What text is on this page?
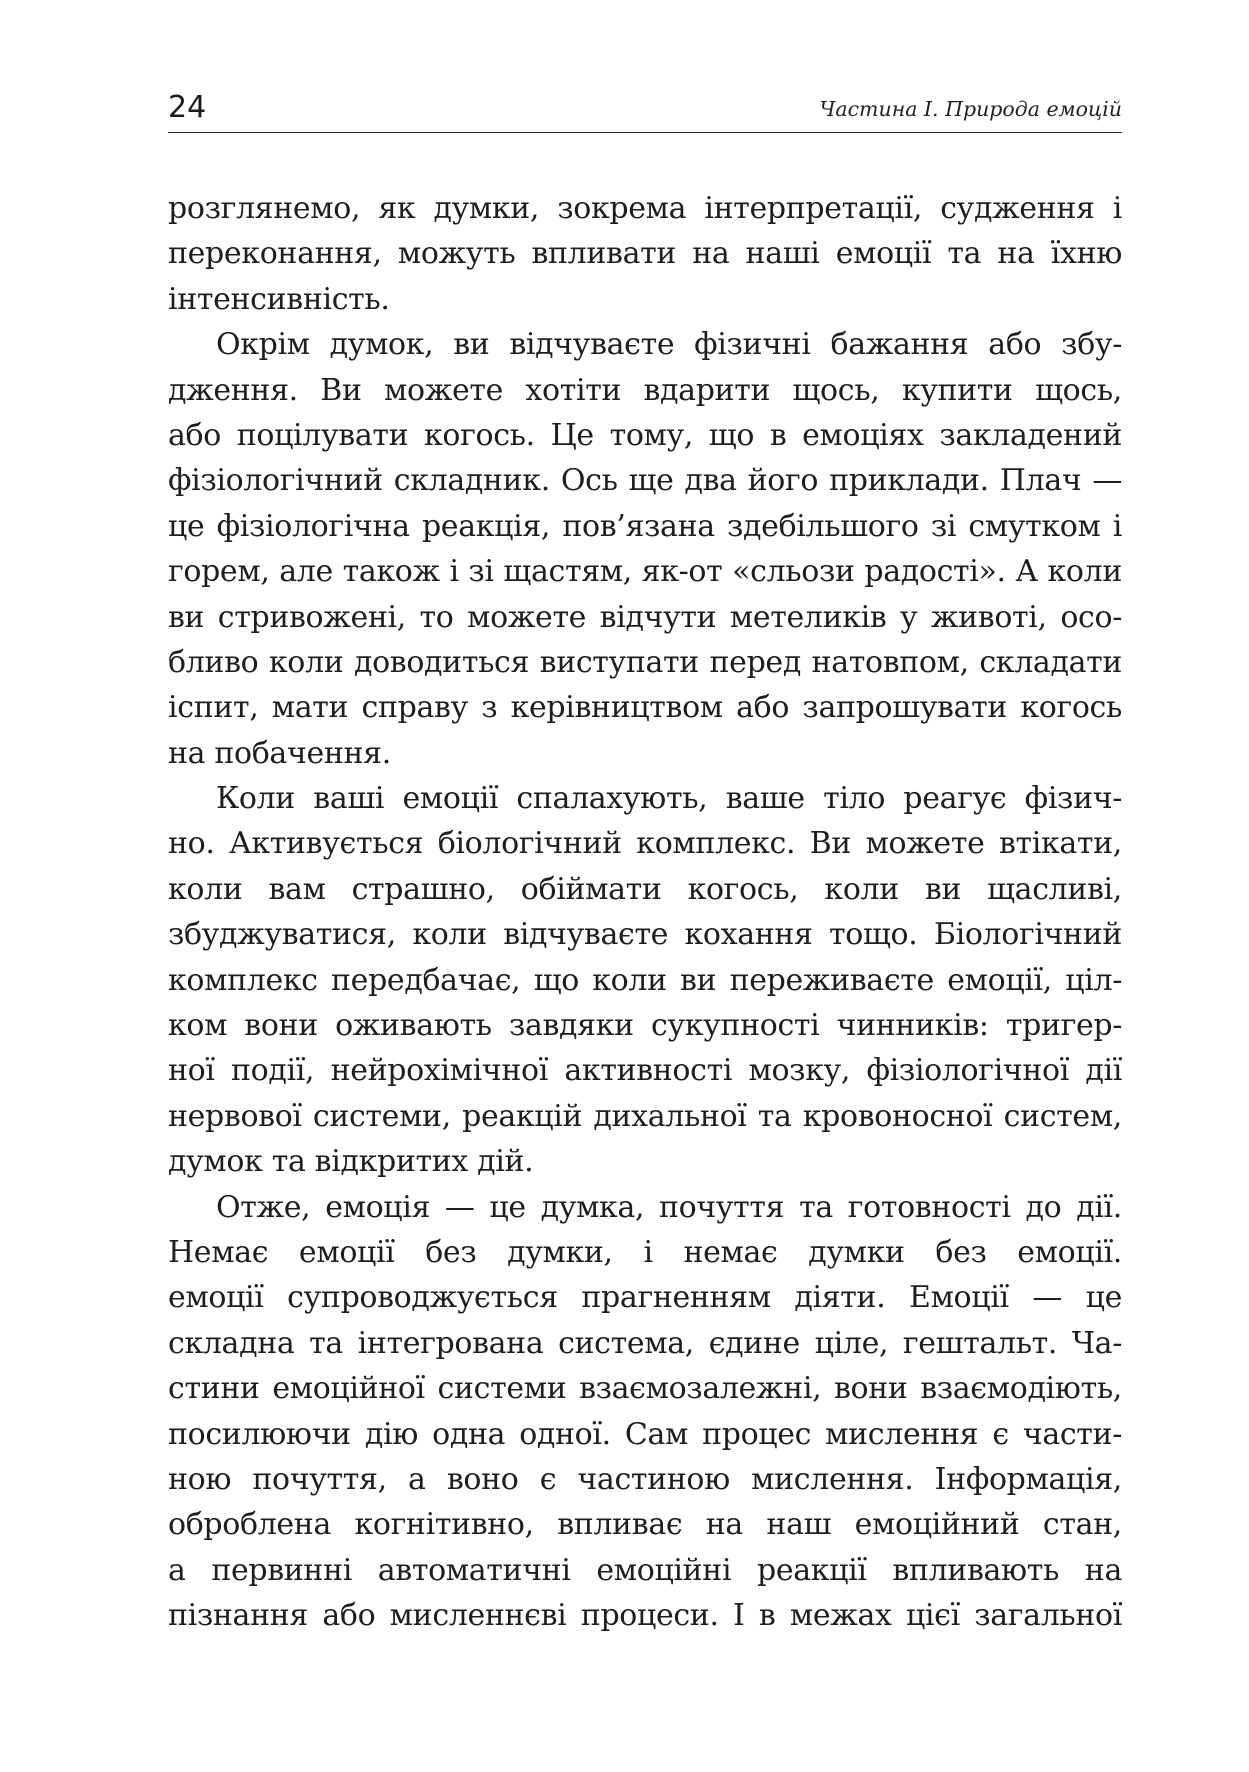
24	Частина I. Природа емоцій

розглянемо, як думки, зокрема інтерпретації, судження і
переконання, можуть впливати на наші емоції та на їхню
інтенсивність.

Окрім думок, ви відчуваєте фізичні бажання або збу-
дження. Ви можете хотіти вдарити щось, купити щось,
або поцілувати когось. Це тому, що в емоціях закладений
фізіологічний складник. Ось ще два його приклади. Плач —
це фізіологічна реакція, пов’язана здебільшого зі смутком і
горем, але також і зі щастям, як-от «сльози радості». А коли
ви стривожені, то можете відчути метеликів у животі, осо-
бливо коли доводиться виступати перед натовпом, складати
іспит, мати справу з керівництвом або запрошувати когось
на побачення.

Коли ваші емоції спалахують, ваше тіло реагує фізич-
но. Активується біологічний комплекс. Ви можете втікати,
коли вам страшно, обіймати когось, коли ви щасливі,
збуджуватися, коли відчуваєте кохання тощо. Біологічний
комплекс передбачає, що коли ви переживаєте емоції, ціл-
ком вони оживають завдяки сукупності чинників: тригер-
ної події, нейрохімічної активності мозку, фізіологічної дії
нервової системи, реакцій дихальної та кровоносної систем,
думок та відкритих дій.

Отже, емоція — це думка, почуття та готовності до дії.
Немає емоції без думки, і немає думки без емоції.
емоції супроводжується прагненням діяти. Емоції — це
складна та інтегрована система, єдине ціле, гештальт. Ча-
стини емоційної системи взаємозалежні, вони взаємодіють,
посилюючи дію одна одної. Сам процес мислення є части-
ною почуття, а воно є частиною мислення. Інформація,
оброблена когнітивно, впливає на наш емоційний стан,
а первинні автоматичні емоційні реакції впливають на
пізнання або мисленнєві процеси. І в межах цієї загальної
